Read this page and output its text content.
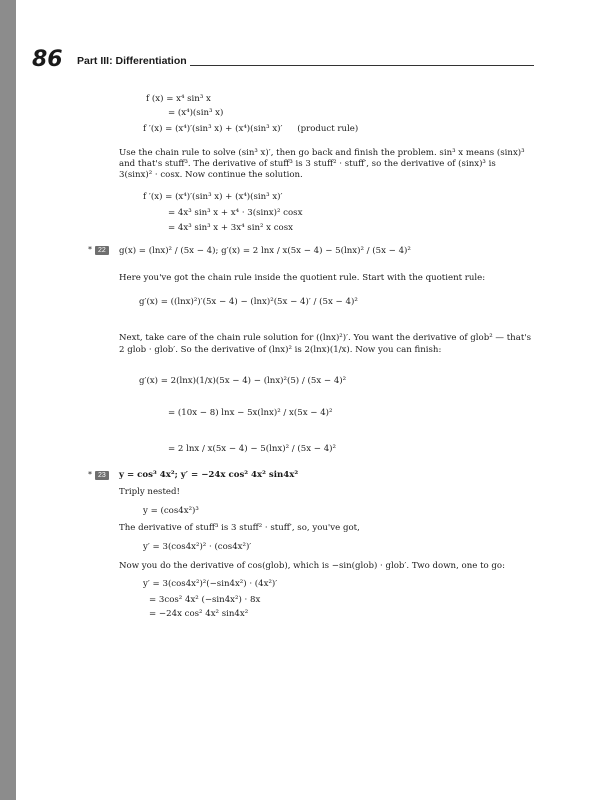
86 Part III: Differentiation
f (x) = x⁴ sin³ x
= (x⁴)(sin³ x)
f ′(x) = (x⁴)′(sin³ x) + (x⁴)(sin³ x)′ (product rule)
Use the chain rule to solve (sin³ x)′, then go back and finish the problem. sin³ x means (sinx)³
and that's stuff³. The derivative of stuff³ is 3 stuff² · stuff′, so the derivative of (sinx)³ is
3(sinx)² · cosx. Now continue the solution.
f ′(x) = (x⁴)′(sin³ x) + (x⁴)(sin³ x)′
= 4x³ sin³ x + x⁴ · 3(sinx)² cosx
= 4x³ sin³ x + 3x⁴ sin² x cosx
* 22	g(x) = (lnx)² / (5x − 4); g′(x) = 2 lnx / x(5x − 4) − 5(lnx)² / (5x − 4)²
Here you've got the chain rule inside the quotient rule. Start with the quotient rule:
g′(x) = ((lnx)²)′(5x − 4) − (lnx)²(5x − 4)′ / (5x − 4)²
Next, take care of the chain rule solution for ((lnx)²)′. You want the derivative of glob² — that's
2 glob · glob′. So the derivative of (lnx)² is 2(lnx)(1/x). Now you can finish:
g′(x) = 2(lnx)(1/x)(5x − 4) − (lnx)²(5) / (5x − 4)²
= (10x − 8) lnx − 5x(lnx)² / x(5x − 4)²
= 2 lnx / x(5x − 4) − 5(lnx)² / (5x − 4)²
* 23	y = cos³ 4x²; y′ = −24x cos² 4x² sin4x²
Triply nested!
y = (cos4x²)³
The derivative of stuff³ is 3 stuff² · stuff′, so, you've got,
y′ = 3(cos4x²)² · (cos4x²)′
Now you do the derivative of cos(glob), which is −sin(glob) · glob′. Two down, one to go:
y′ = 3(cos4x²)²(−sin4x²) · (4x²)′
= 3cos² 4x² (−sin4x²) · 8x
= −24x cos² 4x² sin4x²
